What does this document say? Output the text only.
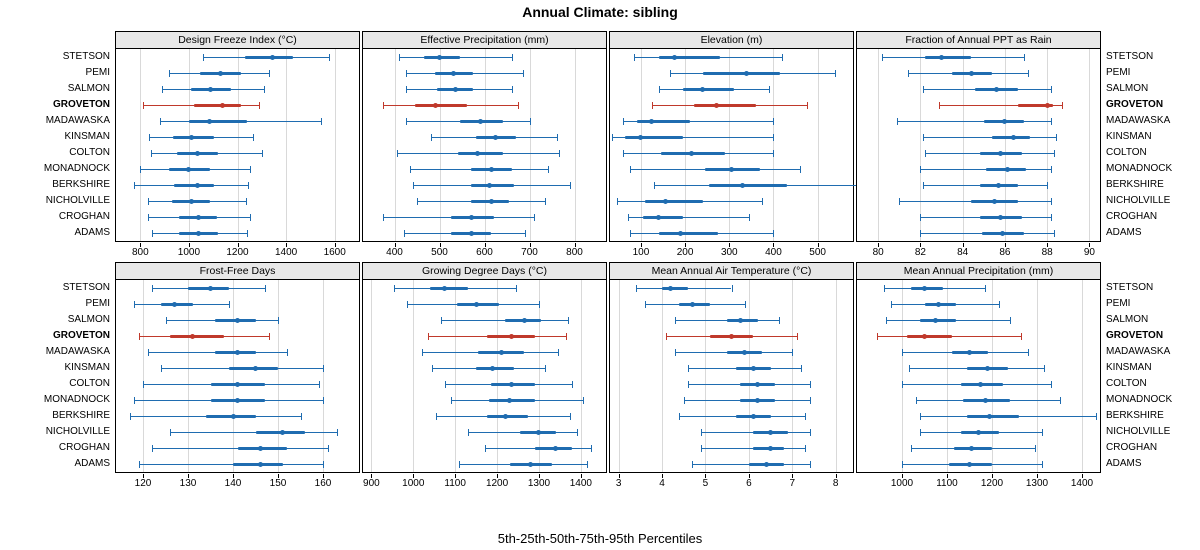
Annual Climate: sibling
5th-25th-50th-75th-95th Percentiles
Design Freeze Index (°C)
800	1000	1200	1400	1600
Effective Precipitation (mm)
400	500	600	700	800
Elevation (m)
100	200	300	400	500
Fraction of Annual PPT as Rain
80	82	84	86	88	90
Frost-Free Days
120	130	140	150	160
Growing Degree Days (°C)
900 1000 1100 1200 1300 1400
Mean Annual Air Temperature (°C)
3	4	5	6	7	8
Mean Annual Precipitation (mm)
1000 1100 1200 1300 1400
STETSON	STETSON
PEMI	PEMI
SALMON	SALMON
GROVETON	GROVETON
MADAWASKA	MADAWASKA
KINSMAN	KINSMAN
COLTON	COLTON
MONADNOCK	MONADNOCK
BERKSHIRE	BERKSHIRE
NICHOLVILLE	NICHOLVILLE
CROGHAN	CROGHAN
ADAMS	ADAMS
STETSON	STETSON
PEMI	PEMI
SALMON	SALMON
GROVETON	GROVETON
MADAWASKA	MADAWASKA
KINSMAN	KINSMAN
COLTON	COLTON
MONADNOCK	MONADNOCK
BERKSHIRE	BERKSHIRE
NICHOLVILLE	NICHOLVILLE
CROGHAN	CROGHAN
ADAMS	ADAMS
